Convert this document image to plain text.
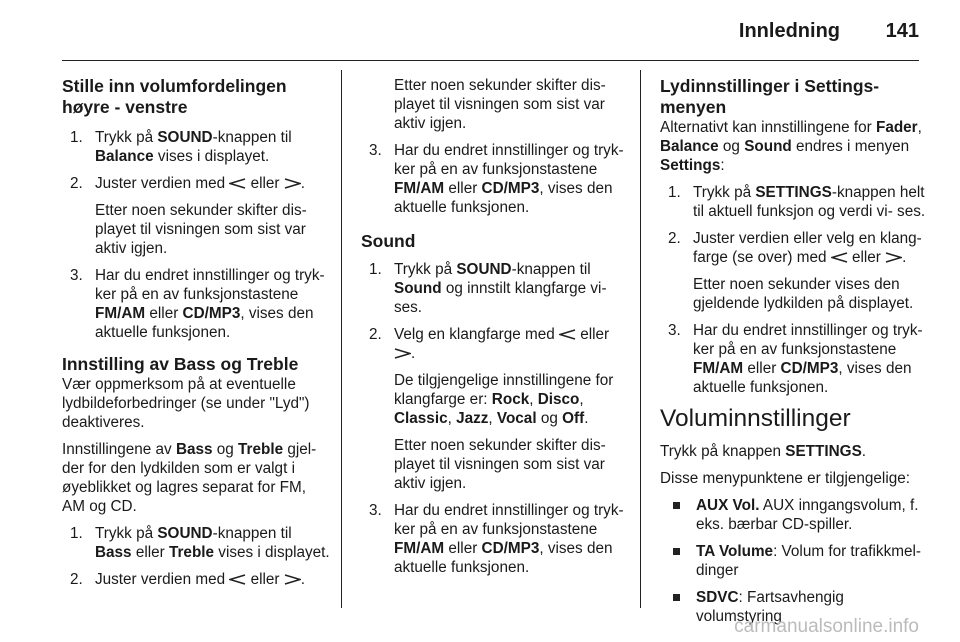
Innledning 141
Stille inn volumfordelingen
høyre - venstre
1. Trykk på SOUND-knappen til
Balance vises i displayet.
2. Juster verdien med  eller .

Etter noen sekunder skifter dis- playet til visningen som sist var aktiv igjen.

3. Har du endret innstillinger og tryk- ker på en av funksjonstastene FM/AM eller CD/MP3, vises den aktuelle funksjonen.
Innstilling av Bass og Treble

Vær oppmerksom på at eventuelle lydbildeforbedringer (se under "Lyd") deaktiveres.

Innstillingene av Bass og Treble gjel- der for den lydkilden som er valgt i øyeblikket og lagres separat for FM, AM og CD.

1. Trykk på SOUND-knappen til
Bass eller Treble vises i displayet.
2. Juster verdien med  eller .

Etter noen sekunder skifter dis- playet til visningen som sist var aktiv igjen.

3. Har du endret innstillinger og tryk- ker på en av funksjonstastene FM/AM eller CD/MP3, vises den aktuelle funksjonen.
Sound
1. Trykk på SOUND-knappen til
Sound og innstilt klangfarge vi- ses.
2. Velg en klangfarge med  eller
.

De tilgjengelige innstillingene for klangfarge er: Rock, Disco,
Classic, Jazz, Vocal og Off.

Etter noen sekunder skifter dis- playet til visningen som sist var aktiv igjen.

3. Har du endret innstillinger og tryk- ker på en av funksjonstastene FM/AM eller CD/MP3, vises den aktuelle funksjonen.
Lydinnstillinger i Settings-
menyen

Alternativt kan innstillingene for Fader, Balance og Sound endres i menyen Settings:

1. Trykk på SETTINGS-knappen helt til aktuell funksjon og verdi vi- ses.
2. Juster verdien eller velg en klang- farge (se over) med  eller .

Etter noen sekunder vises den gjeldende lydkilden på displayet.

3. Har du endret innstillinger og tryk- ker på en av funksjonstastene FM/AM eller CD/MP3, vises den aktuelle funksjonen.
Voluminnstillinger

Trykk på knappen SETTINGS.

Disse menypunktene er tilgjengelige:

AUX Vol. AUX inngangsvolum, f. eks. bærbar CD-spiller.
TA Volume: Volum for trafikkmel- dinger
SDVC: Fartsavhengig volumstyring
carmanualsonline.info
